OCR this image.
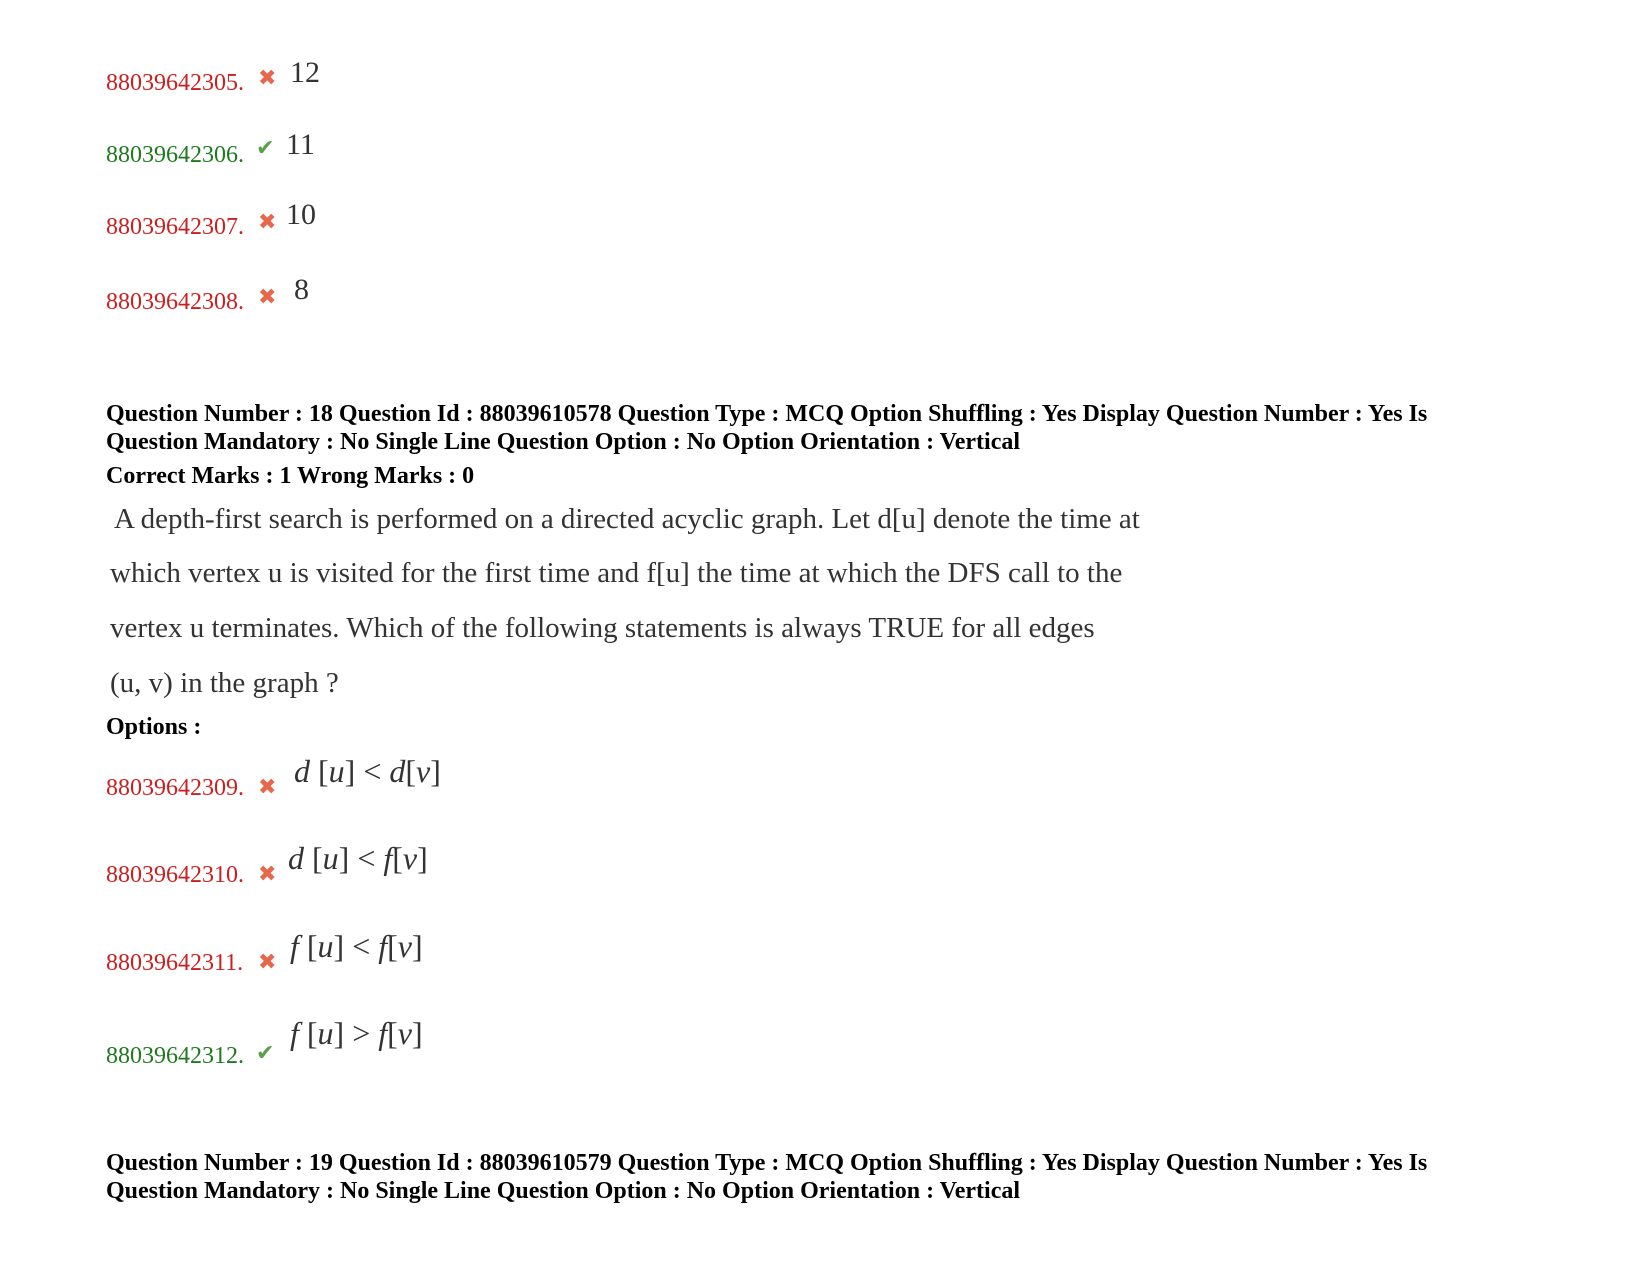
88039642305. ✖ 12
88039642306. ✔ 11
88039642307. ✖ 10
88039642308. ✖ 8
Question Number : 18 Question Id : 88039610578 Question Type : MCQ Option Shuffling : Yes Display Question Number : Yes Is
Question Mandatory : No Single Line Question Option : No Option Orientation : Vertical
Correct Marks : 1 Wrong Marks : 0
A depth-first search is performed on a directed acyclic graph. Let d[u] denote the time at
which vertex u is visited for the first time and f[u] the time at which the DFS call to the
vertex u terminates. Which of the following statements is always TRUE for all edges
(u, v) in the graph ?
Options :
88039642309. ✖ d [u] < d[v]
88039642310. ✖ d [u] < f[v]
88039642311. ✖ f [u] < f[v]
88039642312. ✔
f [u] > f[v]
Question Number : 19 Question Id : 88039610579 Question Type : MCQ Option Shuffling : Yes Display Question Number : Yes Is
Question Mandatory : No Single Line Question Option : No Option Orientation : Vertical
